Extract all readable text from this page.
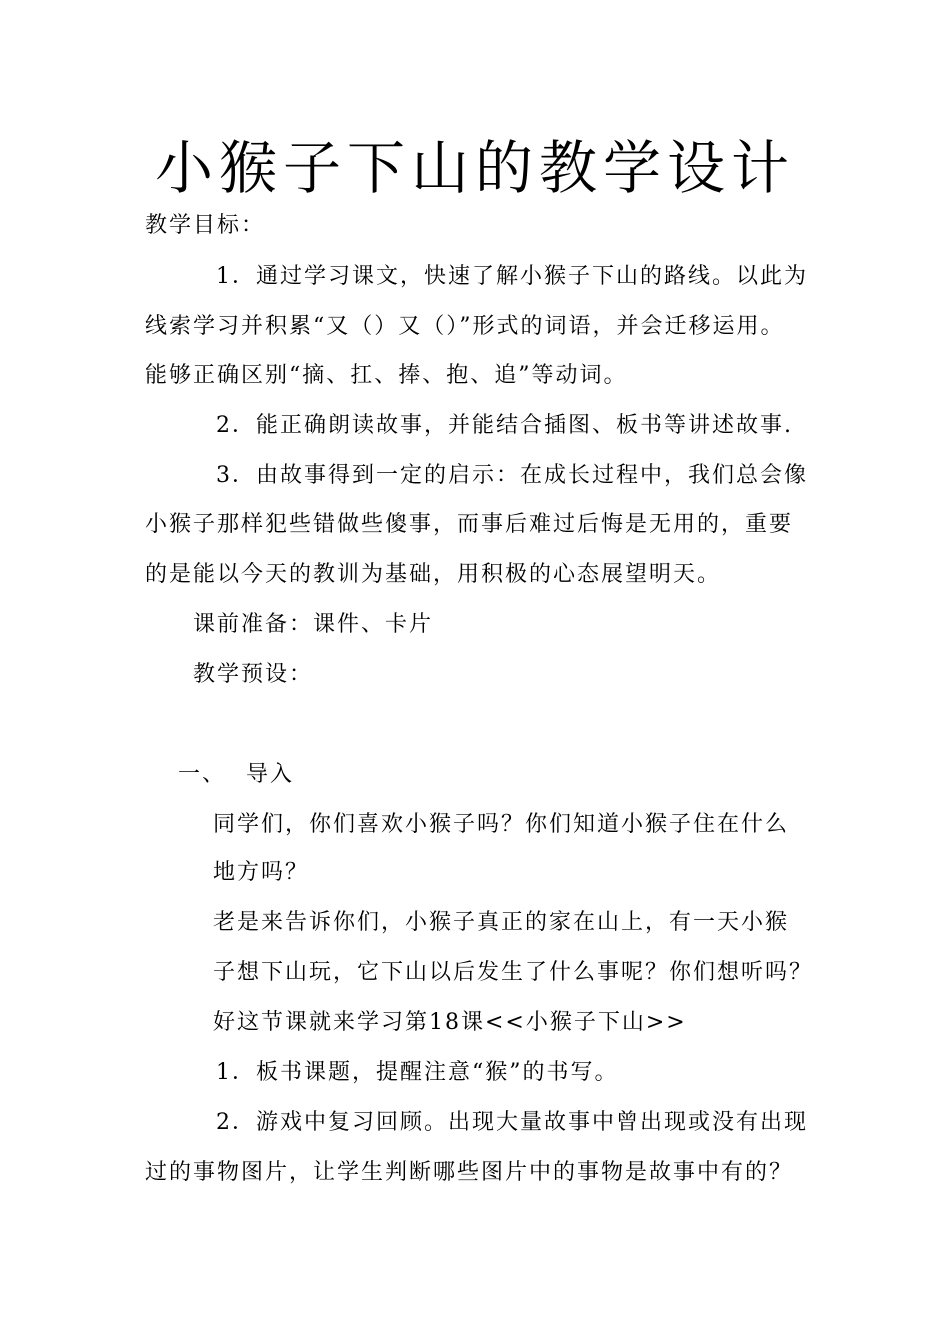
小猴子下山的教学设计
教学目标：
1．通过学习课文，快速了解小猴子下山的路线。以此为
线索学习并积累“又（）又（）”形式的词语，并会迁移运用。
能够正确区别“摘、扛、捧、抱、追”等动词。
2．能正确朗读故事，并能结合插图、板书等讲述故事.
3．由故事得到一定的启示：在成长过程中，我们总会像
小猴子那样犯些错做些傻事，而事后难过后悔是无用的，重要
的是能以今天的教训为基础，用积极的心态展望明天。
课前准备：课件、卡片
教学预设：
一、 导入
同学们，你们喜欢小猴子吗？你们知道小猴子住在什么
地方吗？
老是来告诉你们，小猴子真正的家在山上，有一天小猴
子想下山玩，它下山以后发生了什么事呢？你们想听吗？
好这节课就来学习第18课<<小猴子下山>>
1．板书课题，提醒注意“猴”的书写。
2．游戏中复习回顾。出现大量故事中曾出现或没有出现
过的事物图片，让学生判断哪些图片中的事物是故事中有的？
